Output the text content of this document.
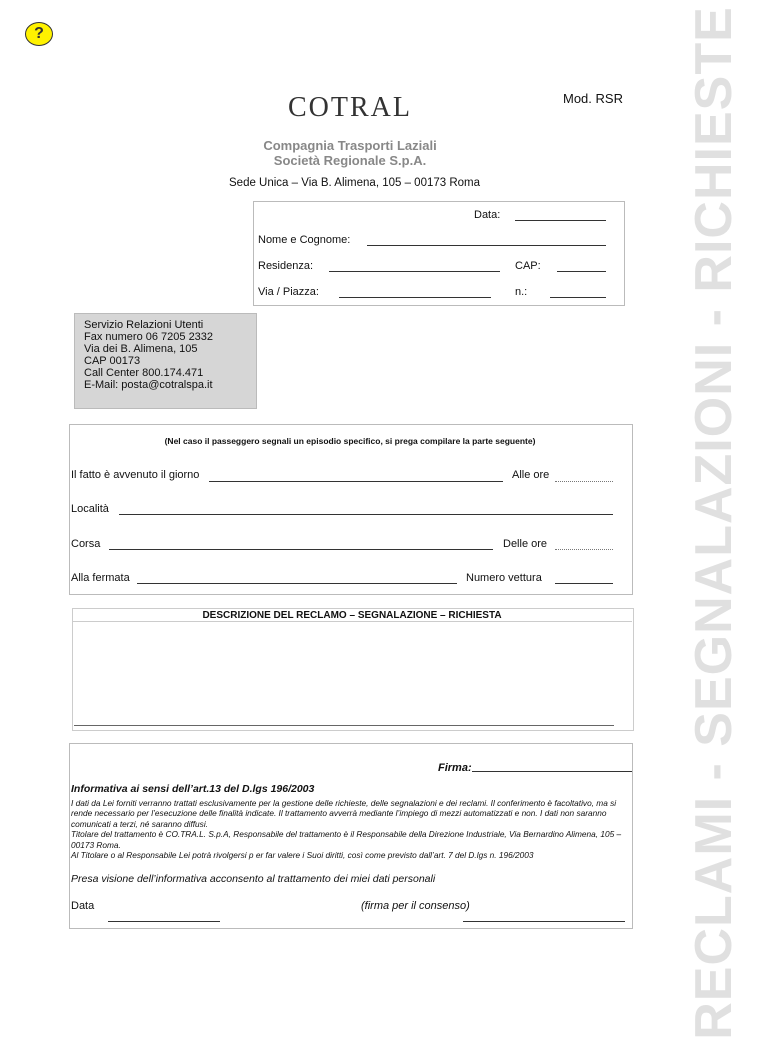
?
Mod. RSR
COTRAL
Compagnia Trasporti Laziali
Società Regionale S.p.A.
Sede Unica – Via B. Alimena, 105 – 00173 Roma
Data:
Nome e Cognome:
Residenza:	CAP:
Via / Piazza:	n.:
Servizio Relazioni Utenti
Fax numero 06 7205 2332
Via dei B. Alimena, 105
CAP 00173
Call Center 800.174.471
E-Mail: posta@cotralspa.it
(Nel caso il passeggero segnali un episodio specifico, si prega compilare la parte seguente)
Il fatto è avvenuto il giorno	Alle ore
Località
Corsa	Delle ore
Alla fermata	Numero vettura
DESCRIZIONE DEL RECLAMO – SEGNALAZIONE – RICHIESTA
Firma:
Informativa ai sensi dell’art.13 del D.lgs 196/2003
I dati da Lei forniti verranno trattati esclusivamente per la gestione delle richieste, delle segnalazioni e dei reclami. Il conferimento è facoltativo, ma si rende necessario per l’esecuzione delle finalità indicate. Il trattamento avverrà mediante l’impiego di mezzi automatizzati e non. I dati non saranno comunicati a terzi, né saranno diffusi.
Titolare del trattamento è CO.TRA.L. S.p.A, Responsabile del trattamento è il Responsabile della Direzione Industriale, Via Bernardino Alimena, 105 – 00173 Roma.
Al Titolare o al Responsabile Lei potrà rivolgersi p er far valere i Suoi diritti, così come previsto dall’art. 7 del D.lgs n. 196/2003
Presa visione dell’informativa acconsento al trattamento dei miei dati personali
Data	(firma per il consenso)	RECLAMI - SEGNALAZIONI - RICHIESTE
